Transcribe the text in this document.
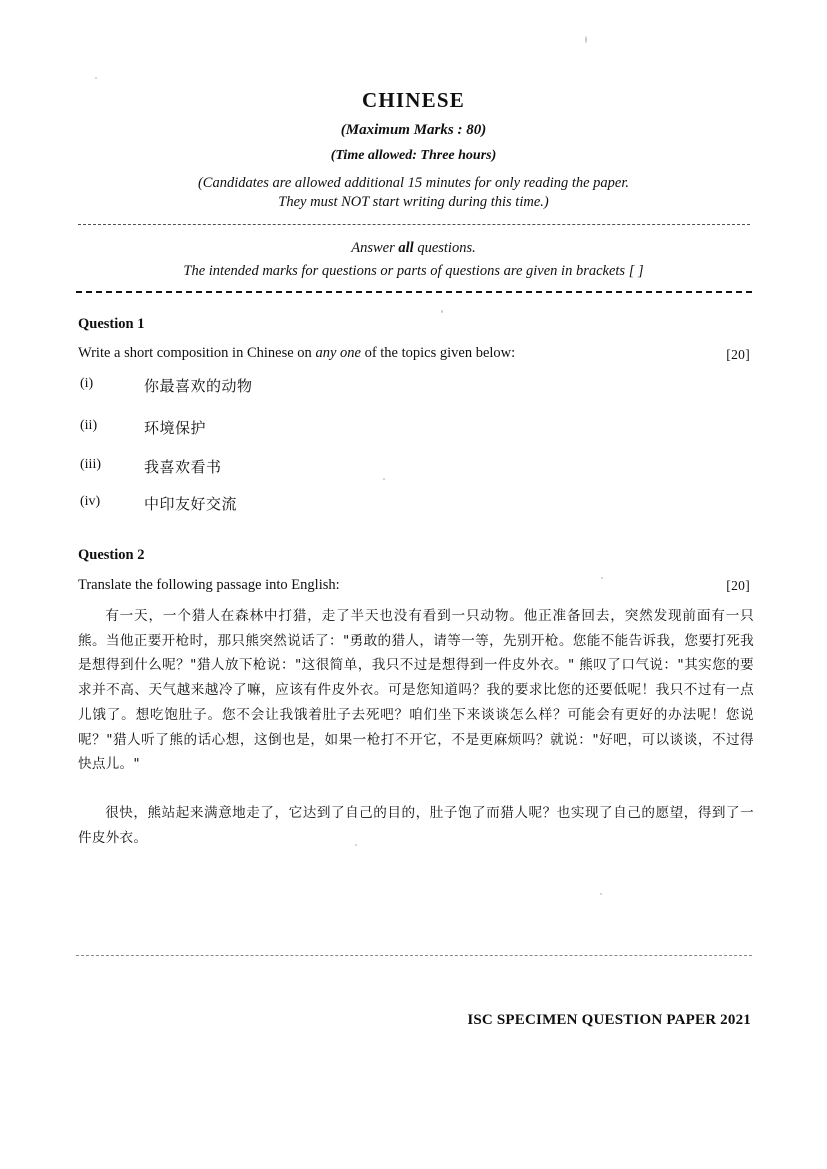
CHINESE
(Maximum Marks : 80)
(Time allowed: Three hours)
(Candidates are allowed additional 15 minutes for only reading the paper.
They must NOT start writing during this time.)
Answer all questions.
The intended marks for questions or parts of questions are given in brackets [ ]
Question 1
Write a short composition in Chinese on any one of the topics given below:	[20]
(i)	你最喜欢的动物
(ii)	环境保护
(iii)	我喜欢看书
(iv)	中印友好交流
Question 2
Translate the following passage into English:	[20]

有一天，一个猎人在森林中打猎，走了半天也没有看到一只动物。他正准备回去，突然发现前面有一只熊。当他正要开枪时，那只熊突然说话了："勇敢的猎人，请等一等，先别开枪。您能不能告诉我，您要打死我是想得到什么呢？"猎人放下枪说："这很简单，我只不过是想得到一件皮外衣。" 熊叹了口气说："其实您的要求并不高、天气越来越冷了嘛，应该有件皮外衣。可是您知道吗？我的要求比您的还要低呢！我只不过有一点儿饿了。想吃饱肚子。您不会让我饿着肚子去死吧？咱们坐下来谈谈怎么样？可能会有更好的办法呢！您说呢？"猎人听了熊的话心想，这倒也是，如果一枪打不开它，不是更麻烦吗？就说："好吧，可以谈谈，不过得快点儿。"

很快，熊站起来满意地走了，它达到了自己的目的，肚子饱了而猎人呢？也实现了自己的愿望，得到了一件皮外衣。

ISC SPECIMEN QUESTION PAPER 2021
